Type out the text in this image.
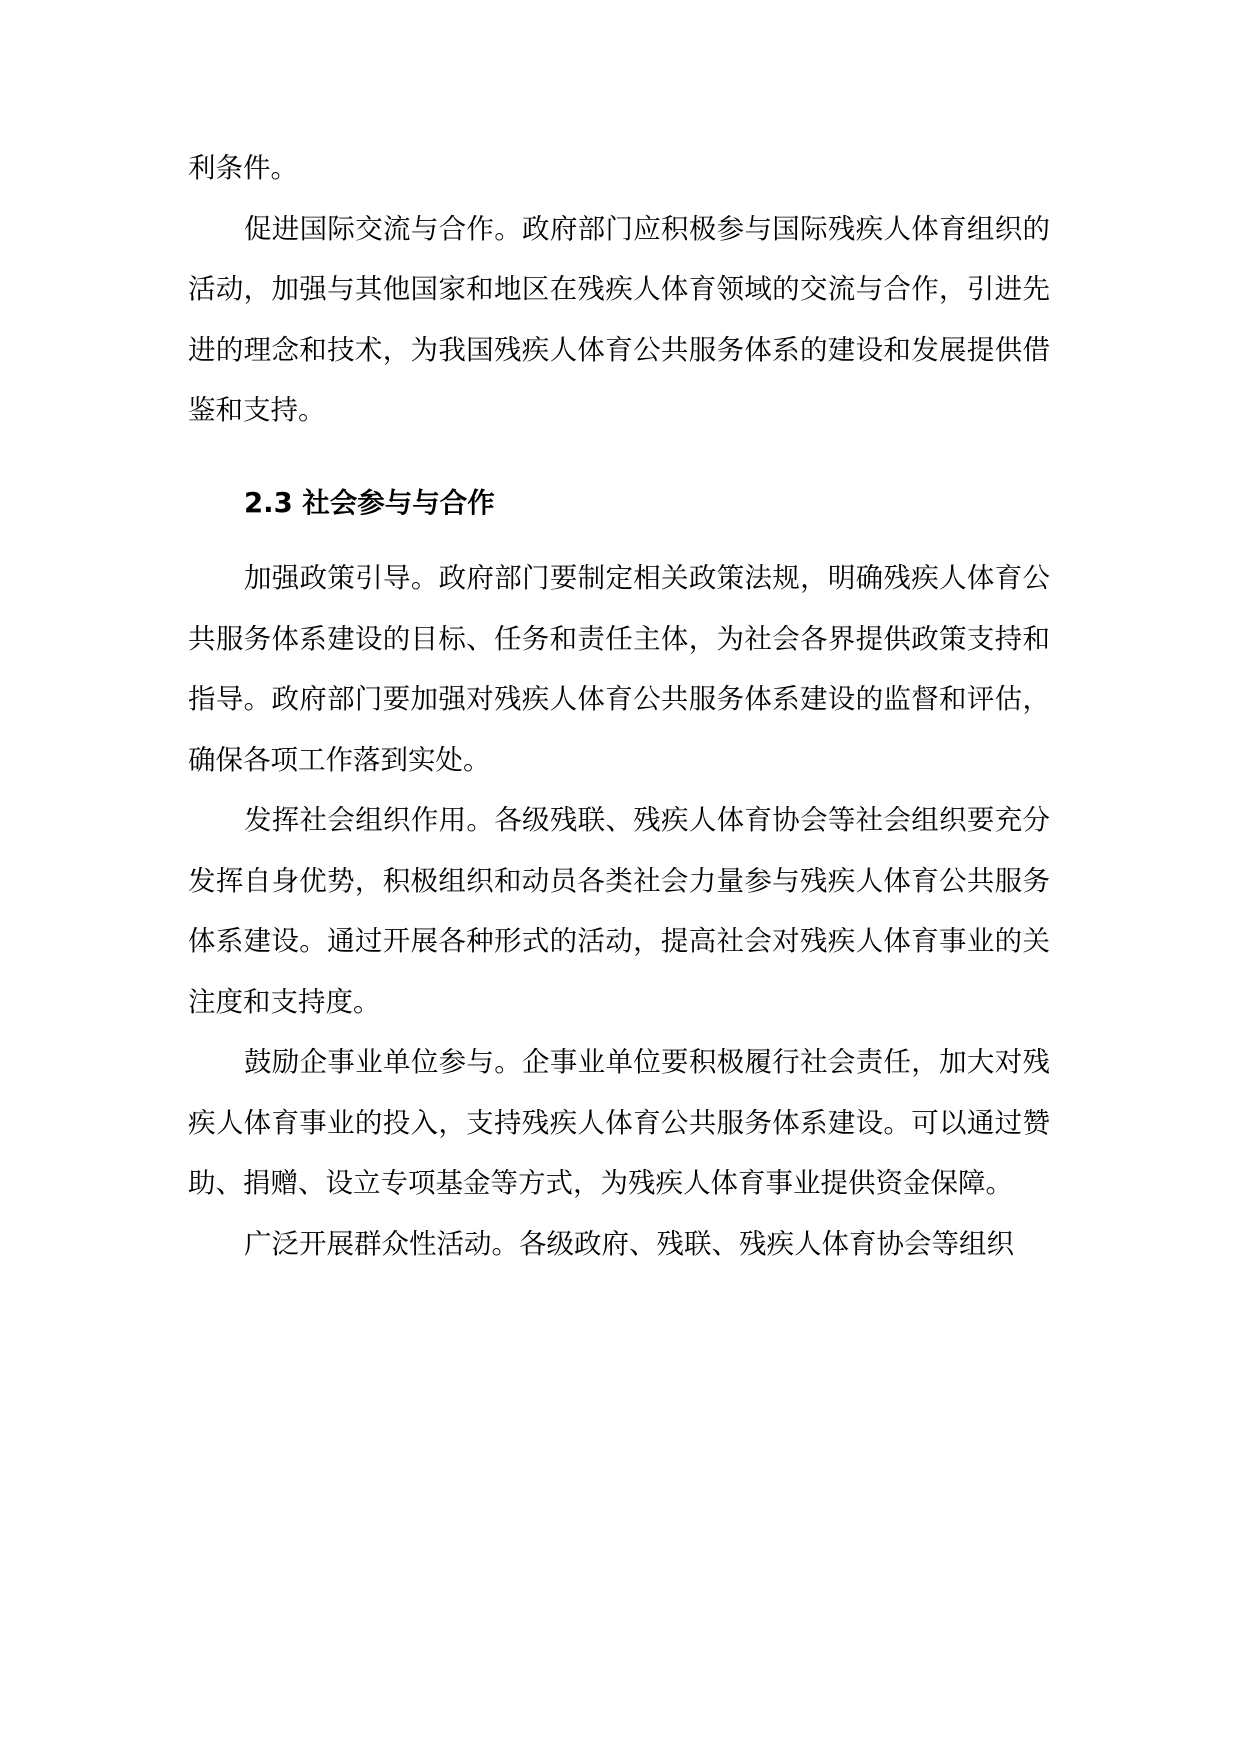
利条件。

促进国际交流与合作。政府部门应积极参与国际残疾人体育组织的活动，加强与其他国家和地区在残疾人体育领域的交流与合作，引进先进的理念和技术，为我国残疾人体育公共服务体系的建设和发展提供借鉴和支持。

2.3 社会参与与合作

加强政策引导。政府部门要制定相关政策法规，明确残疾人体育公共服务体系建设的目标、任务和责任主体，为社会各界提供政策支持和指导。政府部门要加强对残疾人体育公共服务体系建设的监督和评估，确保各项工作落到实处。

发挥社会组织作用。各级残联、残疾人体育协会等社会组织要充分发挥自身优势，积极组织和动员各类社会力量参与残疾人体育公共服务体系建设。通过开展各种形式的活动，提高社会对残疾人体育事业的关注度和支持度。

鼓励企事业单位参与。企事业单位要积极履行社会责任，加大对残疾人体育事业的投入，支持残疾人体育公共服务体系建设。可以通过赞助、捐赠、设立专项基金等方式，为残疾人体育事业提供资金保障。

广泛开展群众性活动。各级政府、残联、残疾人体育协会等组织
